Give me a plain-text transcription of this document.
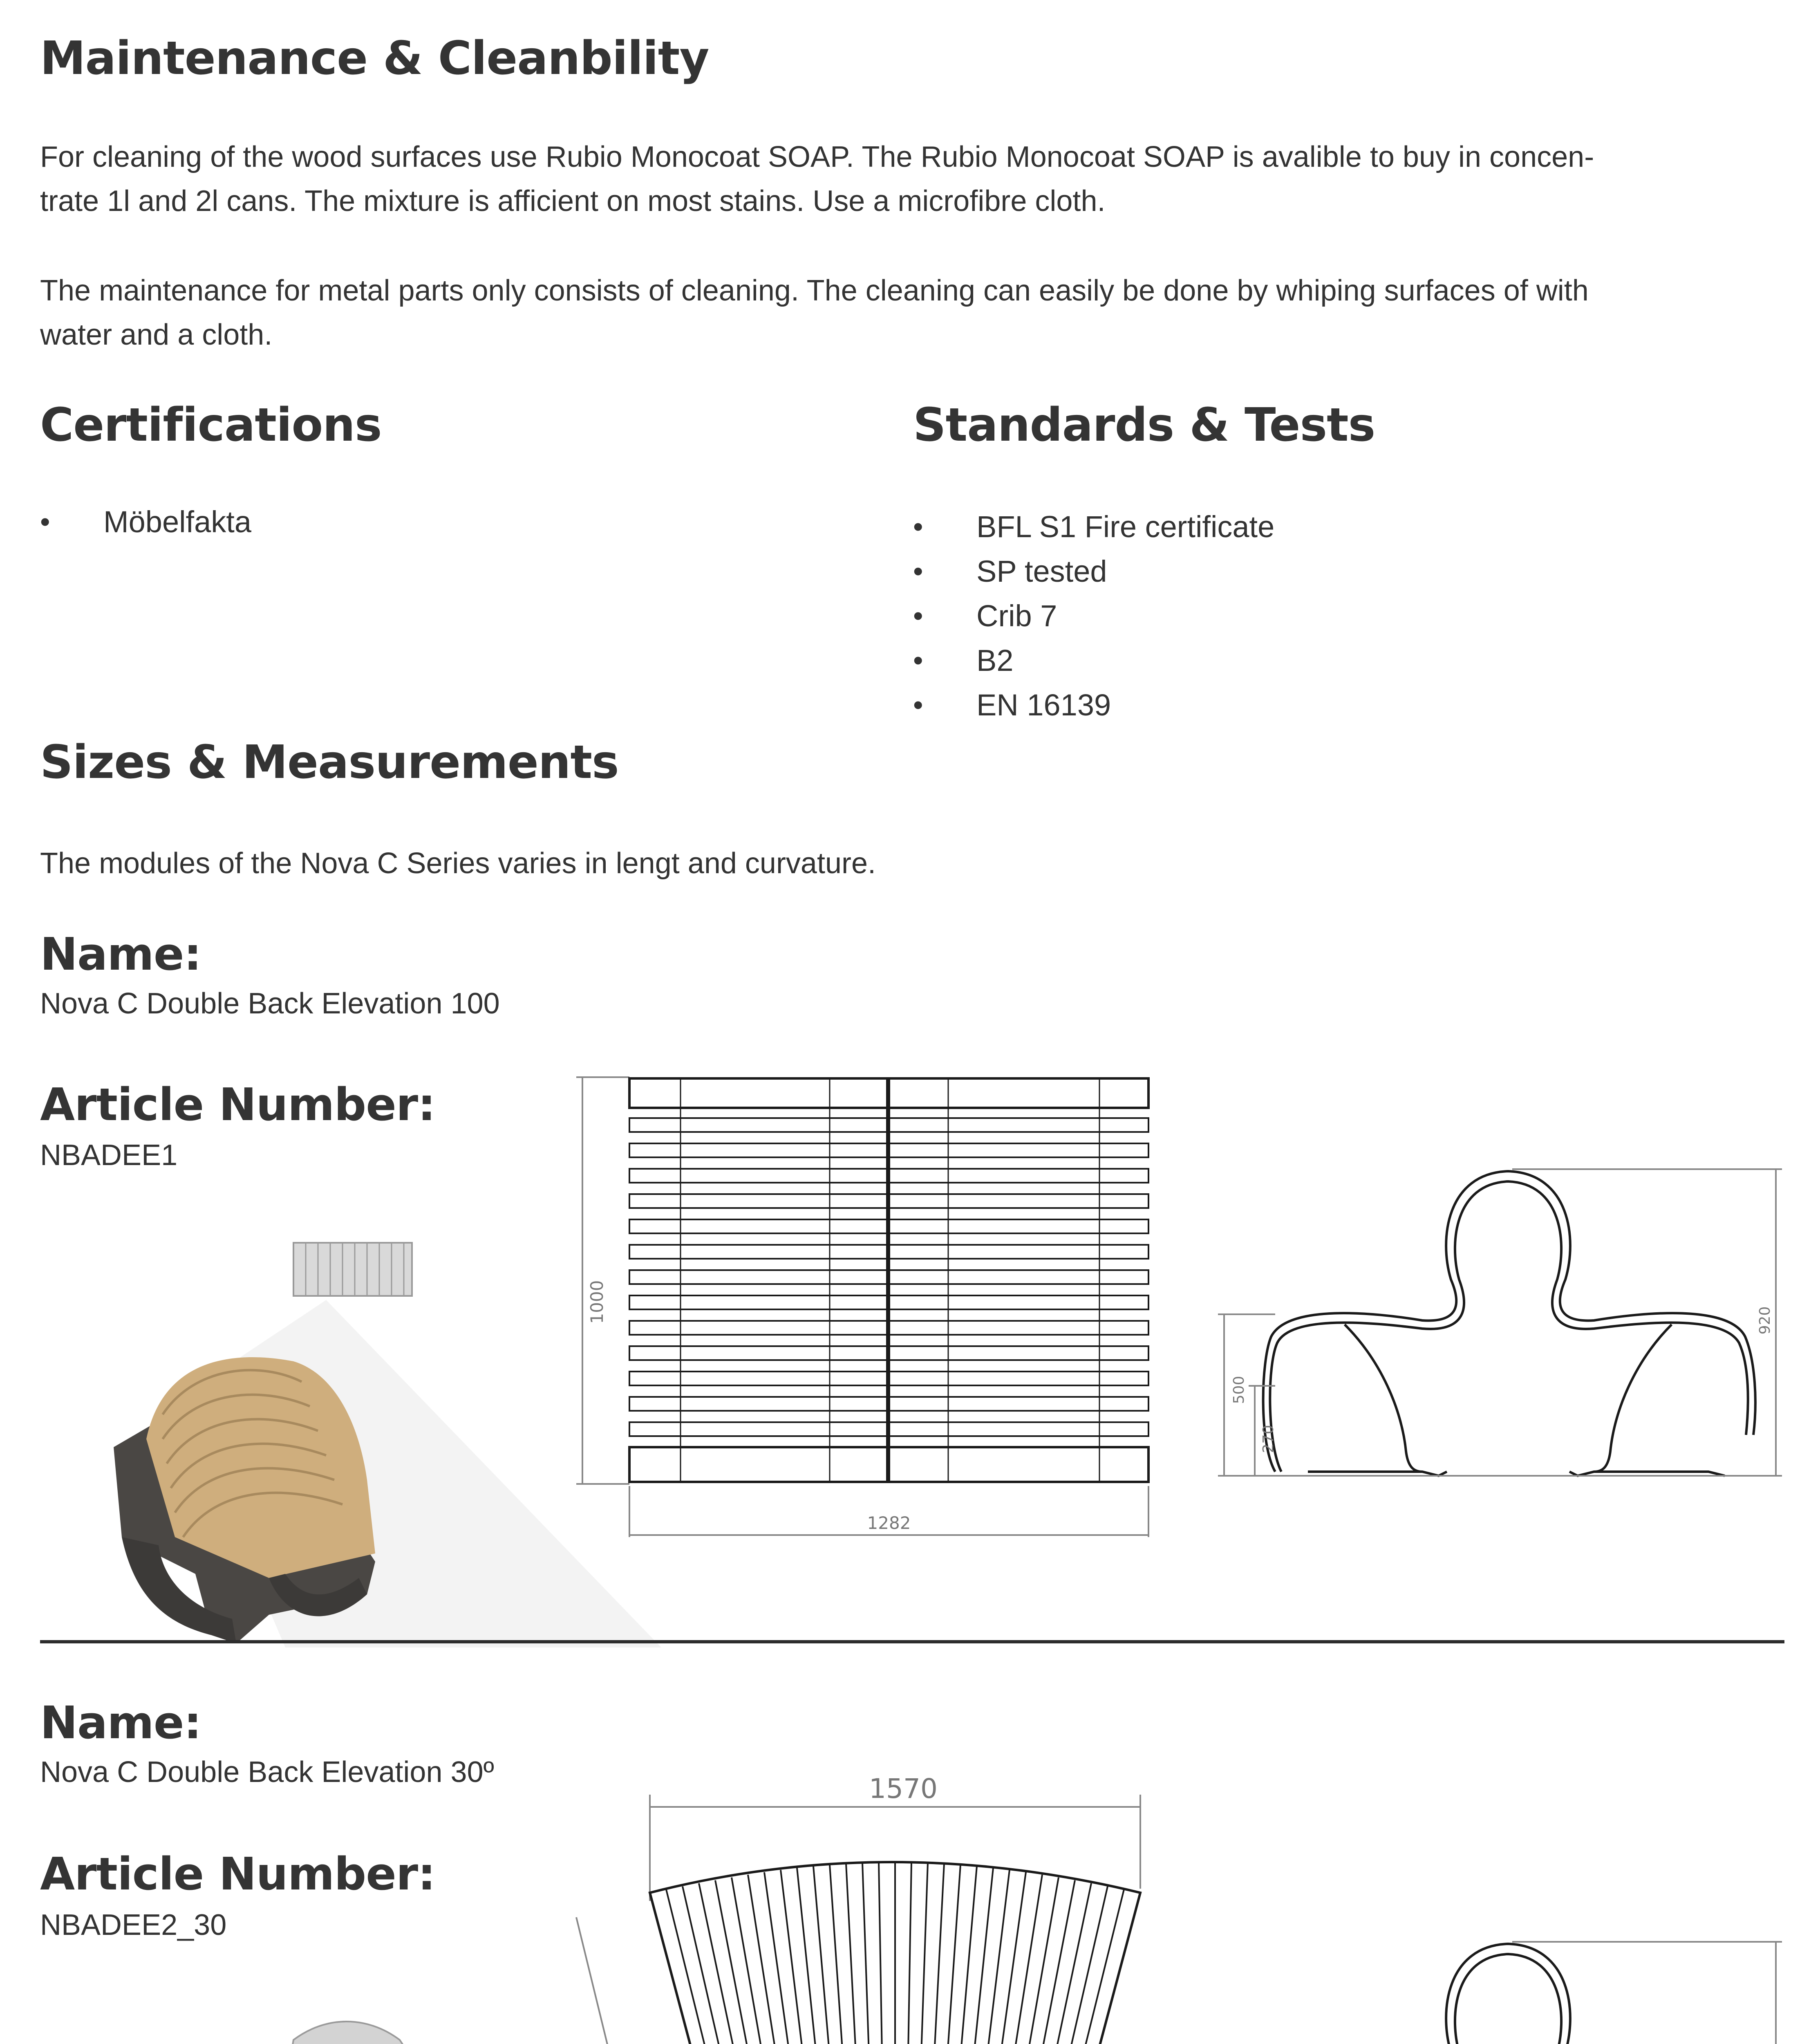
Maintenance & Cleanbility
For cleaning of the wood surfaces use Rubio Monocoat SOAP. The Rubio Monocoat SOAP is avalible to buy in concen-
trate 1l and 2l cans. The mixture is afficient on most stains. Use a microfibre cloth.
The maintenance for metal parts only consists of cleaning. The cleaning can easily be done by whiping surfaces of with
water and a cloth.
Certifications
• Möbelfakta
Standards & Tests
• BFL S1 Fire certificate
• SP tested
• Crib 7
• B2
• EN 16139
Sizes & Measurements
The modules of the Nova C Series varies in lengt and curvature.
Name:
Nova C Double Back Elevation 100
Article Number:
NBADEE1
1000
1282
500
270
920
Name:
Nova C Double Back Elevation 30º
Article Number:
NBADEE2_30
1570
